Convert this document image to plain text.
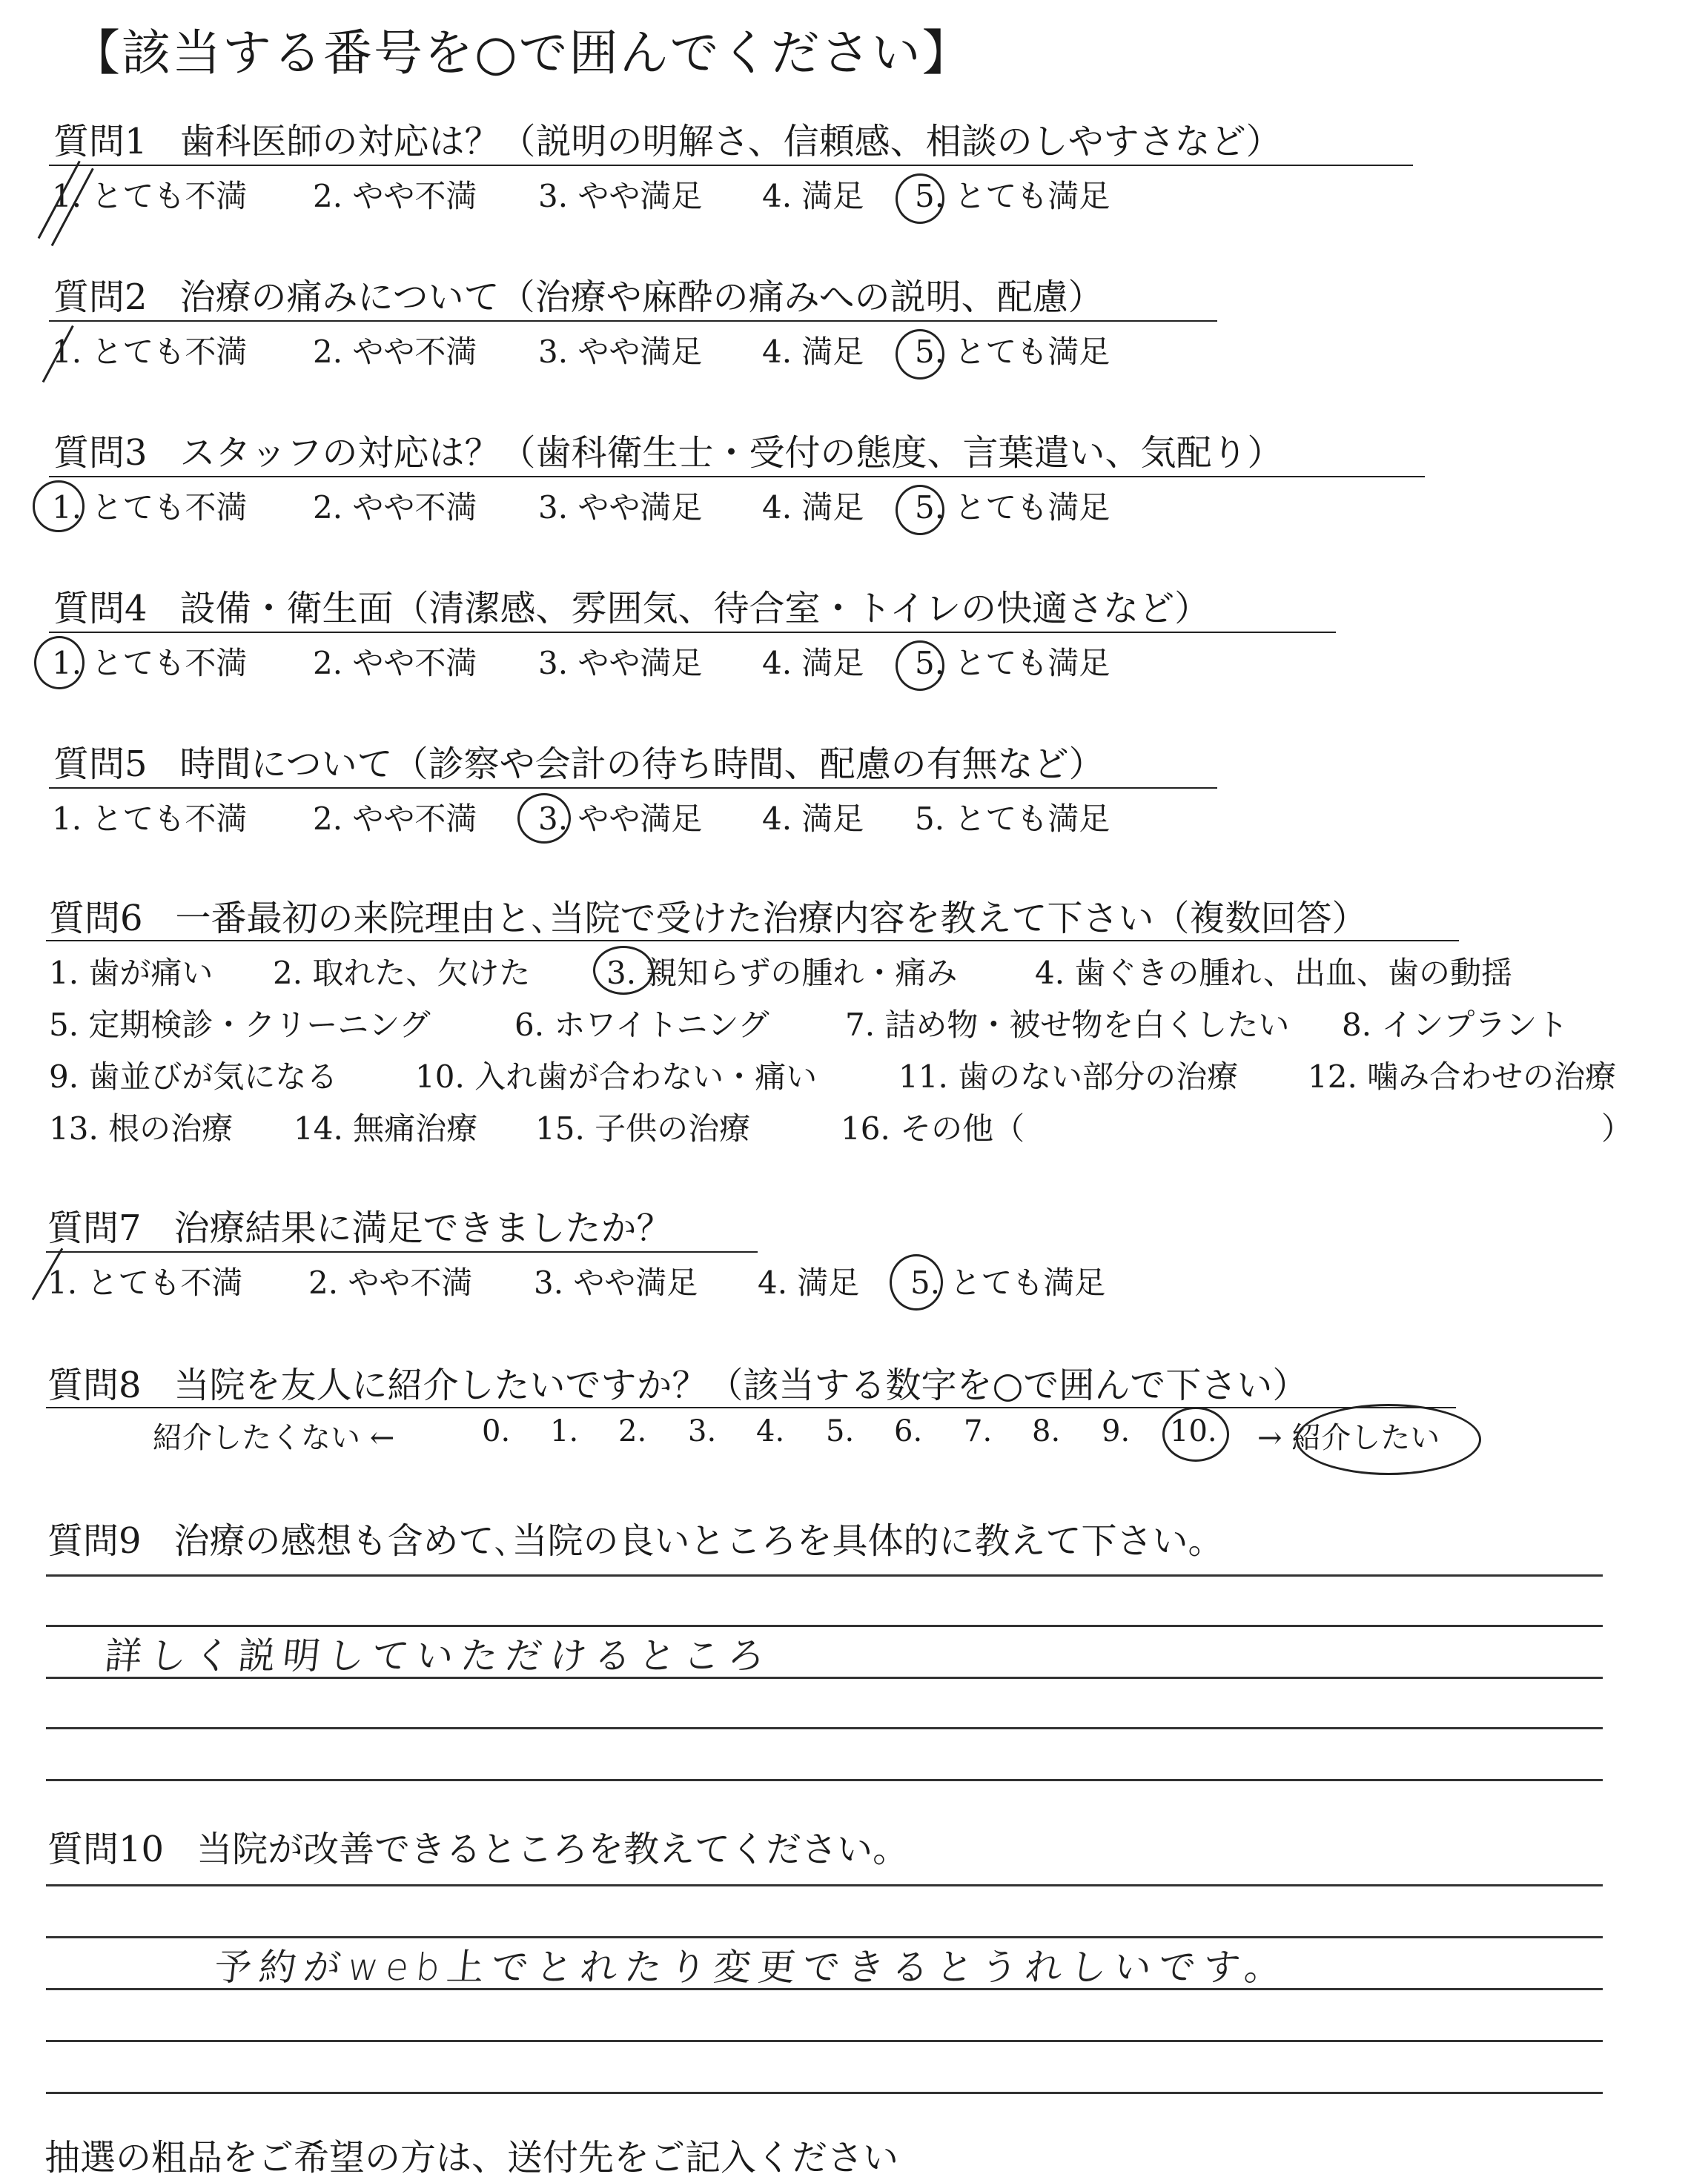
【該当する番号を○で囲んでください】
質問1 歯科医師の対応は？（説明の明解さ、信頼感、相談のしやすさなど）
1. とても不満 2. やや不満 3. やや満足 4. 満足 5. とても満足
質問2 治療の痛みについて（治療や麻酔の痛みへの説明、配慮）
1. とても不満 2. やや不満 3. やや満足 4. 満足 5. とても満足
質問3 スタッフの対応は？（歯科衛生士・受付の態度、言葉遣い、気配り）
1. とても不満 2. やや不満 3. やや満足 4. 満足 5. とても満足
質問4 設備・衛生面（清潔感、雰囲気、待合室・トイレの快適さなど）
1. とても不満 2. やや不満 3. やや満足 4. 満足 5. とても満足
質問5 時間について（診察や会計の待ち時間、配慮の有無など）
1. とても不満 2. やや不満 3. やや満足 4. 満足 5. とても満足
質問6 一番最初の来院理由と､当院で受けた治療内容を教えて下さい（複数回答）
1. 歯が痛い 2. 取れた、欠けた 3. 親知らずの腫れ・痛み 4. 歯ぐきの腫れ、出血、歯の動揺
5. 定期検診・クリーニング	6. ホワイトニング 7. 詰め物・被せ物を白くしたい 8. インプラント
9. 歯並びが気になる 10. 入れ歯が合わない・痛い	11. 歯のない部分の治療 12. 噛み合わせの治療
13. 根の治療 14. 無痛治療 15. 子供の治療	16. その他（	）
質問7 治療結果に満足できましたか？
1. とても不満 2. やや不満 3. やや満足 4. 満足 5. とても満足
質問8 当院を友人に紹介したいですか？（該当する数字を○で囲んで下さい）
紹介したくない ←	0. 1. 2. 3. 4. 5. 6. 7. 8. 9. 10. → 紹介したい
質問9 治療の感想も含めて､当院の良いところを具体的に教えて下さい。
詳しく説明していただけるところ
質問10 当院が改善できるところを教えてください。
予約がweb上でとれたり変更できるとうれしいです。
抽選の粗品をご希望の方は、送付先をご記入ください
